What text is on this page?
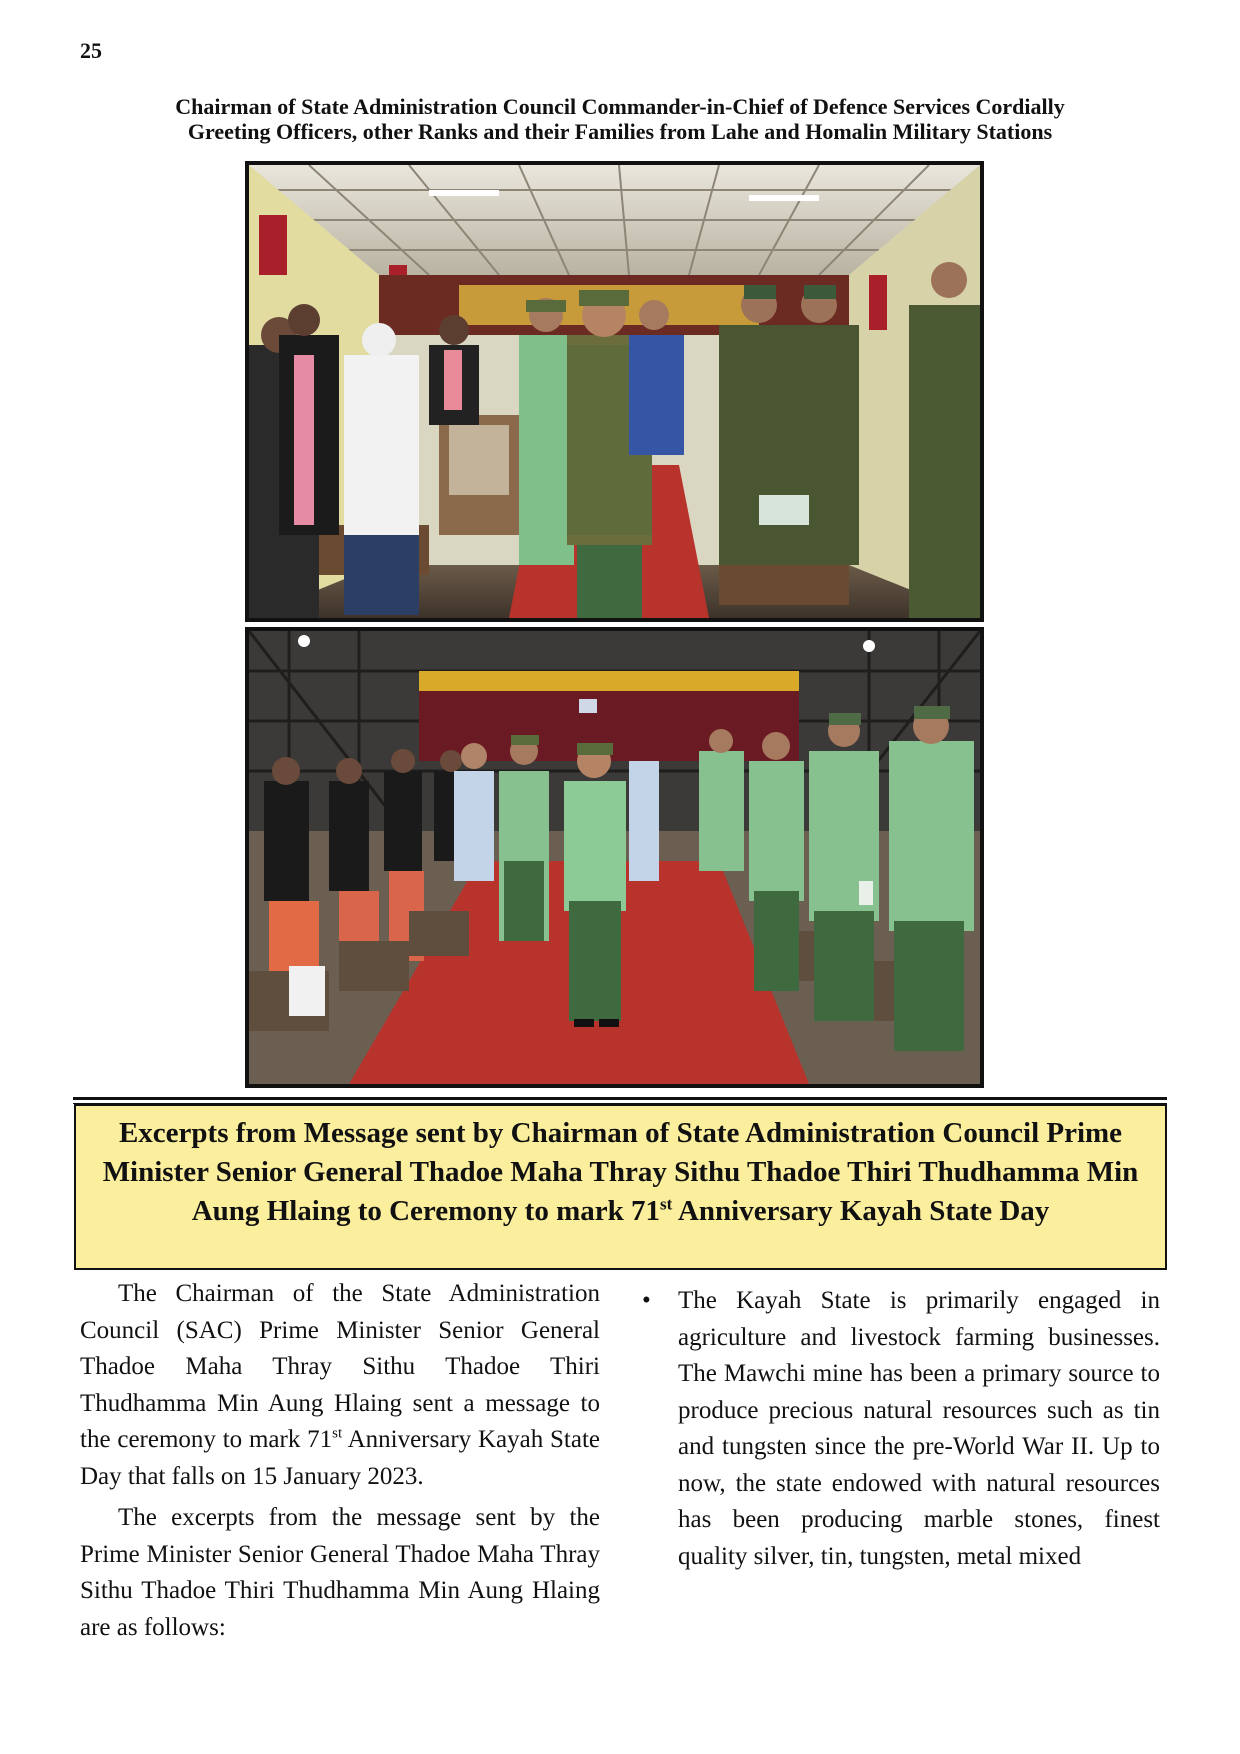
25
Chairman of State Administration Council Commander-in-Chief of Defence Services Cordially
Greeting Officers, other Ranks and their Families from Lahe and Homalin Military Stations
Excerpts from Message sent by Chairman of State Administration Council Prime Minister Senior General Thadoe Maha Thray Sithu Thadoe Thiri Thudhamma Min Aung Hlaing to Ceremony to mark 71st Anniversary Kayah State Day

The Chairman of the State Administration Council (SAC) Prime Minister Senior General Thadoe Maha Thray Sithu Thadoe Thiri Thudhamma Min Aung Hlaing sent a message to the ceremony to mark 71st Anniversary Kayah State Day that falls on 15 January 2023.

The excerpts from the message sent by the Prime Minister Senior General Thadoe Maha Thray Sithu Thadoe Thiri Thudhamma Min Aung Hlaing are as follows:

• The Kayah State is primarily engaged in agriculture and livestock farming businesses. The Mawchi mine has been a primary source to produce precious natural resources such as tin and tungsten since the pre-World War II. Up to now, the state endowed with natural resources has been producing marble stones, finest quality silver, tin, tungsten, metal mixed
